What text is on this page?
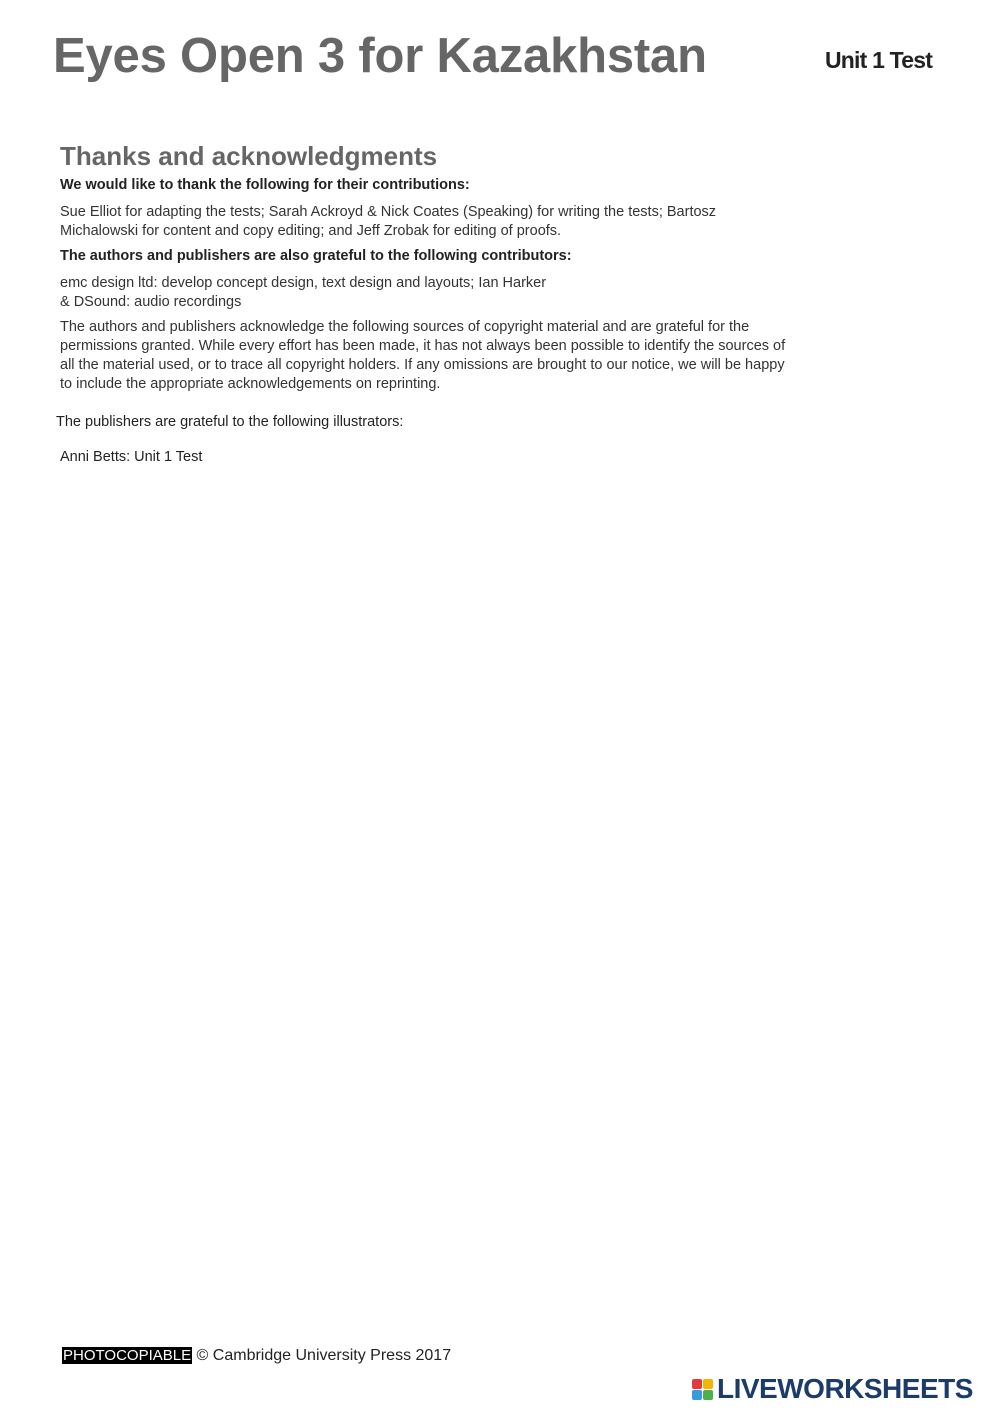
Eyes Open 3 for Kazakhstan	Unit 1 Test
Thanks and acknowledgments

We would like to thank the following for their contributions:

Sue Elliot for adapting the tests; Sarah Ackroyd & Nick Coates (Speaking) for writing the tests; Bartosz
Michalowski for content and copy editing; and Jeff Zrobak for editing of proofs.

The authors and publishers are also grateful to the following contributors:

emc design ltd: develop concept design, text design and layouts; Ian Harker
& DSound: audio recordings

The authors and publishers acknowledge the following sources of copyright material and are grateful for the
permissions granted. While every effort has been made, it has not always been possible to identify the sources of
all the material used, or to trace all copyright holders. If any omissions are brought to our notice, we will be happy
to include the appropriate acknowledgements on reprinting.

The publishers are grateful to the following illustrators:
Anni Betts: Unit 1 Test
PHOTOCOPIABLE © Cambridge University Press 2017
LIVEWORKSHEETS
